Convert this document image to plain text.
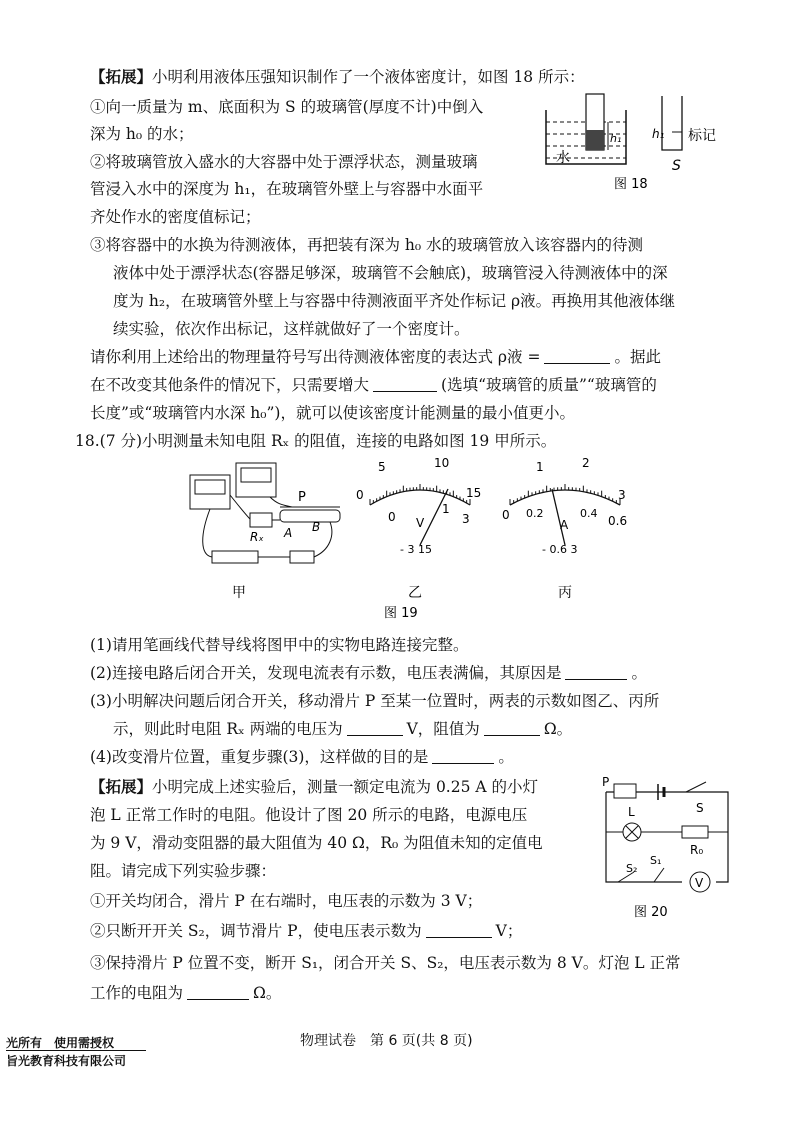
【拓展】小明利用液体压强知识制作了一个液体密度计，如图 18 所示：
①向一质量为 m、底面积为 S 的玻璃管(厚度不计)中倒入
深为 h₀ 的水；
②将玻璃管放入盛水的大容器中处于漂浮状态，测量玻璃
管浸入水中的深度为 h₁，在玻璃管外壁上与容器中水面平
齐处作水的密度值标记；
③将容器中的水换为待测液体，再把装有深为 h₀ 水的玻璃管放入该容器内的待测
液体中处于漂浮状态(容器足够深，玻璃管不会触底)，玻璃管浸入待测液体中的深
度为 h₂，在玻璃管外壁上与容器中待测液面平齐处作标记 ρ液。再换用其他液体继
续实验，依次作出标记，这样就做好了一个密度计。
请你利用上述给出的物理量符号写出待测液体密度的表达式 ρ液 =	。据此
在不改变其他条件的情况下，只需要增大	(选填“玻璃管的质量”“玻璃管的
长度”或“玻璃管内水深 h₀”)，就可以使该密度计能测量的最小值更小。
水
h₁	h₁ 标记
S
图 18
18.(7 分)小明测量未知电阻 Rₓ 的阻值，连接的电路如图 19 甲所示。
P
A B
Rₓ
甲
5	10
0
1
0	15
3
V
- 3 15
乙
1	2
0.2	0.4
0
3
0.6
A
- 0.6 3
丙
图 19
(1)请用笔画线代替导线将图甲中的实物电路连接完整。
(2)连接电路后闭合开关，发现电流表有示数，电压表满偏，其原因是	。
(3)小明解决问题后闭合开关，移动滑片 P 至某一位置时，两表的示数如图乙、丙所
示，则此时电阻 Rₓ 两端的电压为	V，阻值为	Ω。
(4)改变滑片位置，重复步骤(3)，这样做的目的是	。
【拓展】小明完成上述实验后，测量一额定电流为 0.25 A 的小灯
泡 L 正常工作时的电阻。他设计了图 20 所示的电路，电源电压
为 9 V，滑动变阻器的最大阻值为 40 Ω，R₀ 为阻值未知的定值电
阻。请完成下列实验步骤：
①开关均闭合，滑片 P 在右端时，电压表的示数为 3 V；
②只断开开关 S₂，调节滑片 P，使电压表示数为	V；
③保持滑片 P 位置不变，断开 S₁，闭合开关 S、S₂，电压表示数为 8 V。灯泡 L 正常
工作的电阻为	Ω。
P
S
L
R₀
S₂
S₁
V
图 20
光所有　使用需授权
旨光教育科技有限公司
物理试卷　第 6 页(共 8 页)
